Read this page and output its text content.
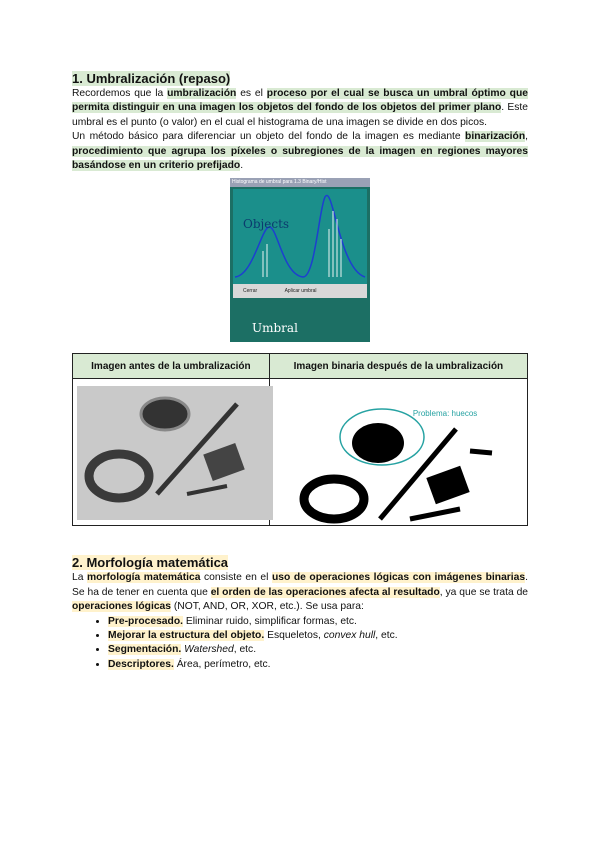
1. Umbralización (repaso)

Recordemos que la umbralización es el proceso por el cual se busca un umbral óptimo que permita distinguir en una imagen los objetos del fondo de los objetos del primer plano. Este umbral es el punto (o valor) en el cual el histograma de una imagen se divide en dos picos.

Un método básico para diferenciar un objeto del fondo de la imagen es mediante binarización, procedimiento que agrupa los píxeles o subregiones de la imagen en regiones mayores basándose en un criterio prefijado.

Histograma de umbral para 1.3 Binary/Hist
Objects
Cerrar	Aplicar umbral
Umbral
Imagen antes de la umbralización	Imagen binaria después de la umbralización

Problema: huecos
2. Morfología matemática

La morfología matemática consiste en el uso de operaciones lógicas con imágenes binarias. Se ha de tener en cuenta que el orden de las operaciones afecta al resultado, ya que se trata de operaciones lógicas (NOT, AND, OR, XOR, etc.). Se usa para:

• Pre-procesado. Eliminar ruido, simplificar formas, etc.
• Mejorar la estructura del objeto. Esqueletos, convex hull, etc.
• Segmentación. Watershed, etc.
• Descriptores. Área, perímetro, etc.
